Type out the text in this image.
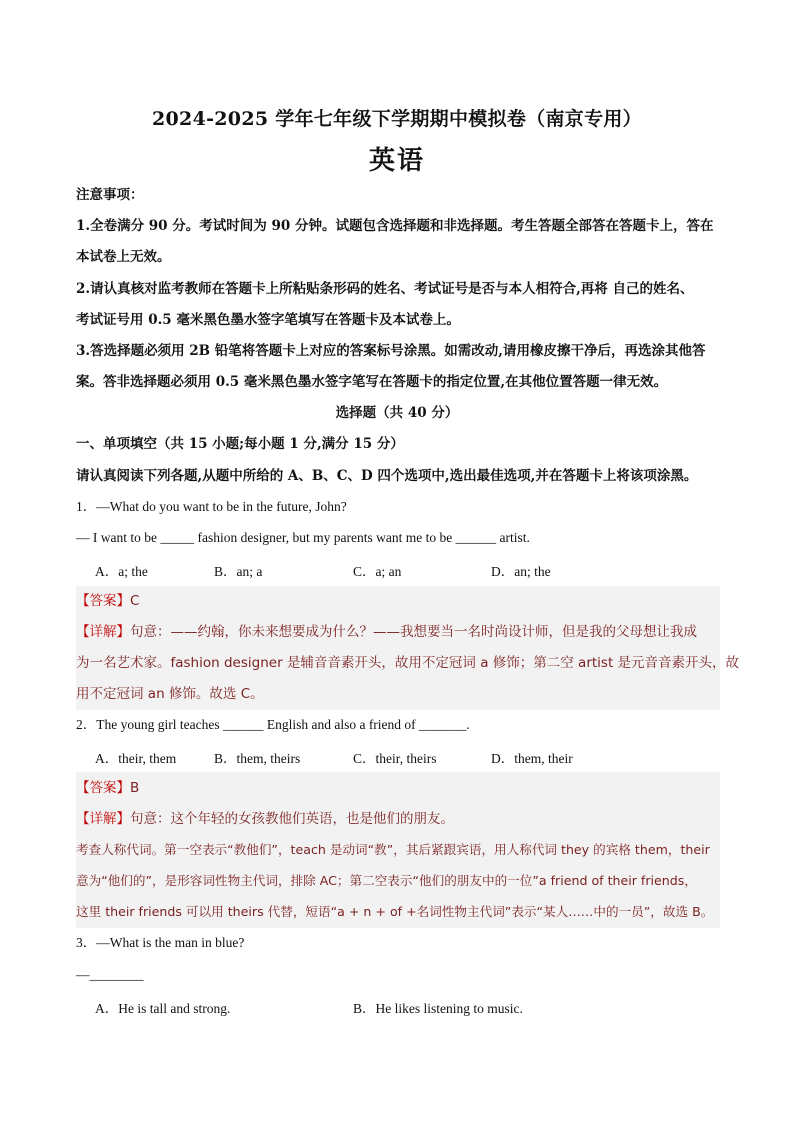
2024-2025 学年七年级下学期期中模拟卷（南京专用）
英语
注意事项：
1.全卷满分 90 分。考试时间为 90 分钟。试题包含选择题和非选择题。考生答题全部答在答题卡上，答在
本试卷上无效。
2.请认真核对监考教师在答题卡上所粘贴条形码的姓名、考试证号是否与本人相符合,再将 自己的姓名、
考试证号用 0.5 毫米黑色墨水签字笔填写在答题卡及本试卷上。
3.答选择题必须用 2B 铅笔将答题卡上对应的答案标号涂黑。如需改动,请用橡皮擦干净后，再选涂其他答
案。答非选择题必须用 0.5 毫米黑色墨水签字笔写在答题卡的指定位置,在其他位置答题一律无效。
选择题（共 40 分）
一、单项填空（共 15 小题;每小题 1 分,满分 15 分）
请认真阅读下列各题,从题中所给的 A、B、C、D 四个选项中,选出最佳选项,并在答题卡上将该项涂黑。
1．—What do you want to be in the future, John?
— I want to be _____ fashion designer, but my parents want me to be ______ artist.
A．a; the	B．an; a	C．a; an	D．an; the
【答案】C
【详解】句意：——约翰，你未来想要成为什么？——我想要当一名时尚设计师，但是我的父母想让我成
为一名艺术家。fashion designer 是辅音音素开头，故用不定冠词 a 修饰；第二空 artist 是元音音素开头，故
用不定冠词 an 修饰。故选 C。
2．The young girl teaches ______ English and also a friend of _______.
A．their, them	B．them, theirs	C．their, theirs	D．them, their
【答案】B
【详解】句意：这个年轻的女孩教他们英语，也是他们的朋友。
考查人称代词。第一空表示“教他们”，teach 是动词“教”，其后紧跟宾语，用人称代词 they 的宾格 them，their
意为“他们的”，是形容词性物主代词，排除 AC；第二空表示“他们的朋友中的一位”a friend of their friends，
这里 their friends 可以用 theirs 代替，短语“a + n + of +名词性物主代词”表示“某人……中的一员”，故选 B。
3．—What is the man in blue?
—________
A．He is tall and strong.	B．He likes listening to music.
